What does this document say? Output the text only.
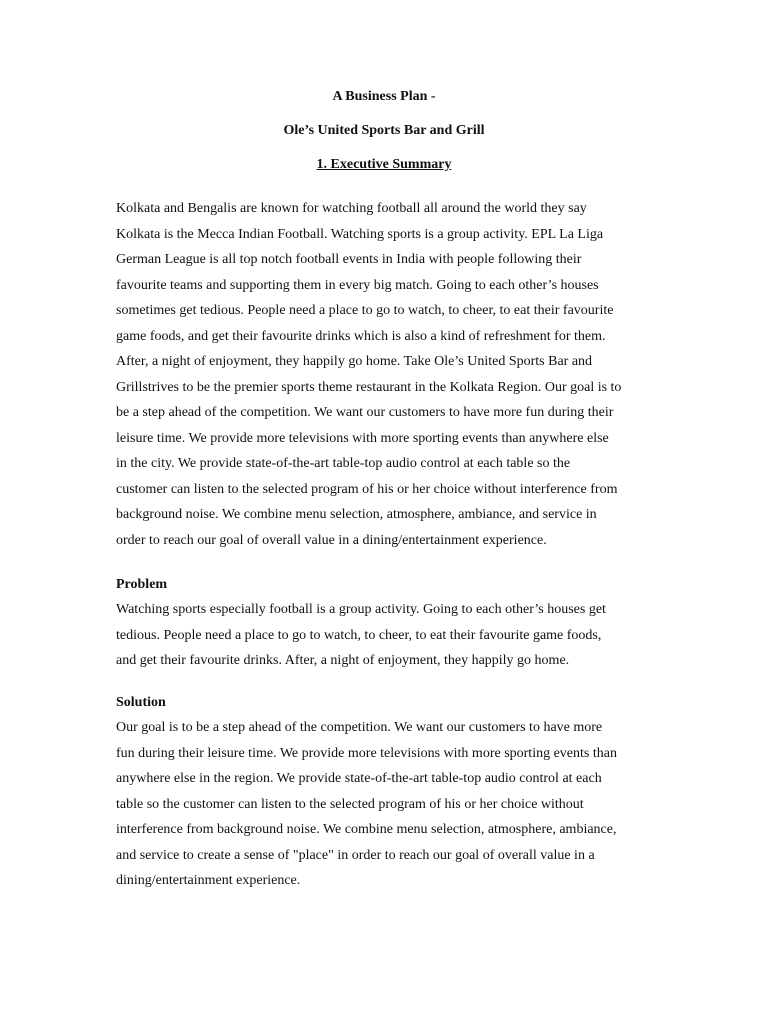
A Business Plan -

Ole’s United Sports Bar and Grill

1. Executive Summary

Kolkata and Bengalis are known for watching football all around the world they say
Kolkata is the Mecca Indian Football. Watching sports is a group activity. EPL La Liga
German League is all top notch football events in India with people following their
favourite teams and supporting them in every big match. Going to each other’s houses
sometimes get tedious. People need a place to go to watch, to cheer, to eat their favourite
game foods, and get their favourite drinks which is also a kind of refreshment for them.
After, a night of enjoyment, they happily go home. Take Ole’s United Sports Bar and
Grillstrives to be the premier sports theme restaurant in the Kolkata Region. Our goal is to
be a step ahead of the competition. We want our customers to have more fun during their
leisure time. We provide more televisions with more sporting events than anywhere else
in the city. We provide state-of-the-art table-top audio control at each table so the
customer can listen to the selected program of his or her choice without interference from
background noise. We combine menu selection, atmosphere, ambiance, and service in
order to reach our goal of overall value in a dining/entertainment experience.

Problem

Watching sports especially football is a group activity. Going to each other’s houses get
tedious. People need a place to go to watch, to cheer, to eat their favourite game foods,
and get their favourite drinks. After, a night of enjoyment, they happily go home.

Solution

Our goal is to be a step ahead of the competition. We want our customers to have more
fun during their leisure time. We provide more televisions with more sporting events than
anywhere else in the region. We provide state-of-the-art table-top audio control at each
table so the customer can listen to the selected program of his or her choice without
interference from background noise. We combine menu selection, atmosphere, ambiance,
and service to create a sense of "place" in order to reach our goal of overall value in a
dining/entertainment experience.
